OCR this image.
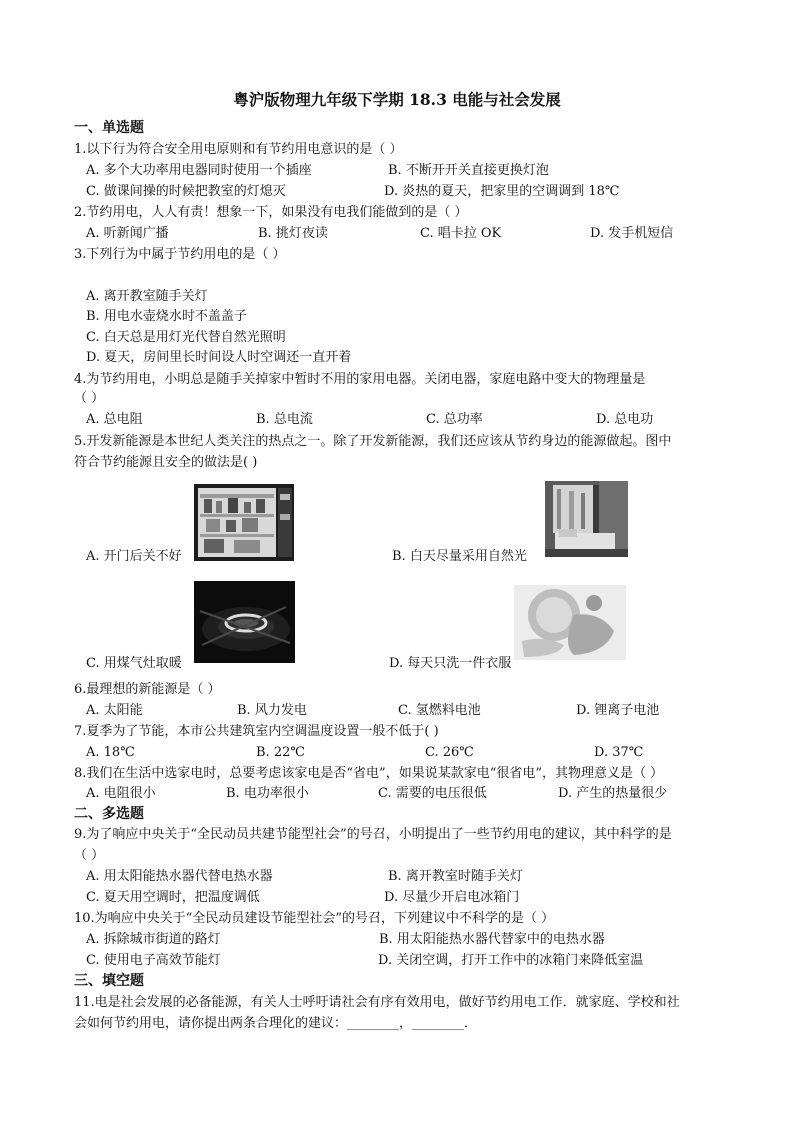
粤沪版物理九年级下学期 18.3 电能与社会发展
一、单选题
1.以下行为符合安全用电原则和有节约用电意识的是（ ）
A. 多个大功率用电器同时使用一个插座	B. 不断开开关直接更换灯泡
C. 做课间操的时候把教室的灯熄灭	D. 炎热的夏天，把家里的空调调到 18℃
2.节约用电，人人有责！想象一下，如果没有电我们能做到的是（ ）
A. 听新闻广播	B. 挑灯夜读	C. 唱卡拉 OK	D. 发手机短信
3.下列行为中属于节约用电的是（ ）
A. 离开教室随手关灯
B. 用电水壶烧水时不盖盖子
C. 白天总是用灯光代替自然光照明
D. 夏天，房间里长时间设人时空调还一直开着
4.为节约用电，小明总是随手关掉家中暂时不用的家用电器。关闭电器，家庭电路中变大的物理量是
（ ）
A. 总电阻	B. 总电流	C. 总功率	D. 总电功
5.开发新能源是本世纪人类关注的热点之一。除了开发新能源，我们还应该从节约身边的能源做起。图中
符合节约能源且安全的做法是( )
A. 开门后关不好	B. 白天尽量采用自然光
C. 用煤气灶取暖	D. 每天只洗一件衣服
6.最理想的新能源是（ ）
A. 太阳能	B. 风力发电	C. 氢燃料电池	D. 锂离子电池
7.夏季为了节能，本市公共建筑室内空调温度设置一般不低于( )
A. 18℃	B. 22℃	C. 26℃	D. 37℃
8.我们在生活中选家电时，总要考虑该家电是否“省电”，如果说某款家电“很省电”，其物理意义是（ ）
A. 电阻很小	B. 电功率很小	C. 需要的电压很低	D. 产生的热量很少
二、多选题
9.为了响应中央关于“全民动员共建节能型社会”的号召，小明提出了一些节约用电的建议，其中科学的是
（ ）
A. 用太阳能热水器代替电热水器	B. 离开教室时随手关灯
C. 夏天用空调时，把温度调低	D. 尽量少开启电冰箱门
10.为响应中央关于“全民动员建设节能型社会”的号召，下列建议中不科学的是（ ）
A. 拆除城市街道的路灯	B. 用太阳能热水器代替家中的电热水器
C. 使用电子高效节能灯	D. 关闭空调，打开工作中的冰箱门来降低室温
三、填空题
11.电是社会发展的必备能源，有关人士呼吁请社会有序有效用电，做好节约用电工作．就家庭、学校和社
会如何节约用电，请你提出两条合理化的建议：________，________．
